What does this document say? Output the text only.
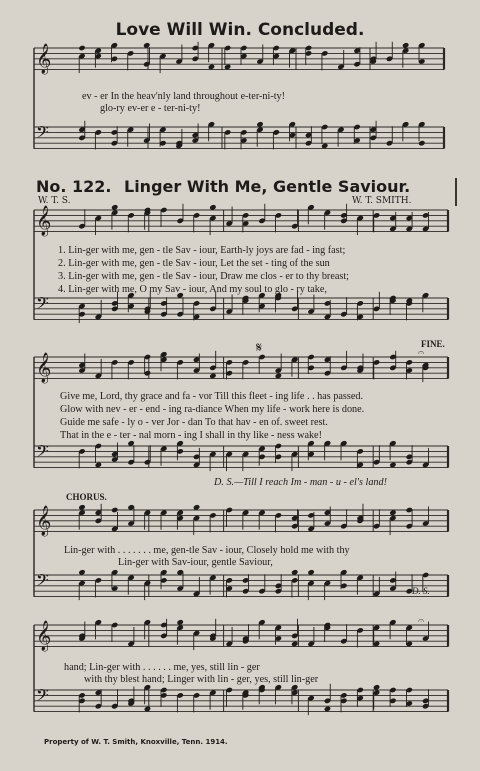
Love Will Win. Concluded.
𝄞
𝄢
𝄞
𝄢
𝄞
𝄢
𝄞
𝄢
𝄞
𝄢
𝄋	𝄐
𝄐
ev - er In the heav'nly land throughout e-ter-ni-ty!
glo-ry ev-er e - ter-ni-ty!
No. 122. Linger With Me, Gentle Saviour.
W. T. S.	W. T. SMITH.
1. Lin-ger with me, gen - tle Sav - iour, Earth-ly joys are fad - ing fast;
2. Lin-ger with me, gen - tle Sav - iour, Let the set - ting of the sun
3. Lin-ger with me, gen - tle Sav - iour, Draw me clos - er to thy breast;
4. Lin-ger with me, O my Sav - iour, And my soul to glo - ry take,
FINE.
Give me, Lord, thy grace and fa - vor Till this fleet - ing life . . has passed.
Glow with nev - er - end - ing ra-diance When my life - work here is done.
Guide me safe - ly o - ver Jor - dan To that hav - en of. sweet rest.
That in the e - ter - nal morn - ing I shall in thy like - ness wake!
D. S.—Till I reach Im - man - u - el's land!
CHORUS.
Lin-ger with . . . . . . . me, gen-tle Sav - iour, Closely hold me with thy
Lin-ger with Sav-iour, gentle Saviour,
D. S.
hand; Lin-ger with . . . . . . me, yes, still lin - ger
with thy blest hand; Linger with lin - ger, yes, still lin-ger
Property of W. T. Smith, Knoxville, Tenn. 1914.
